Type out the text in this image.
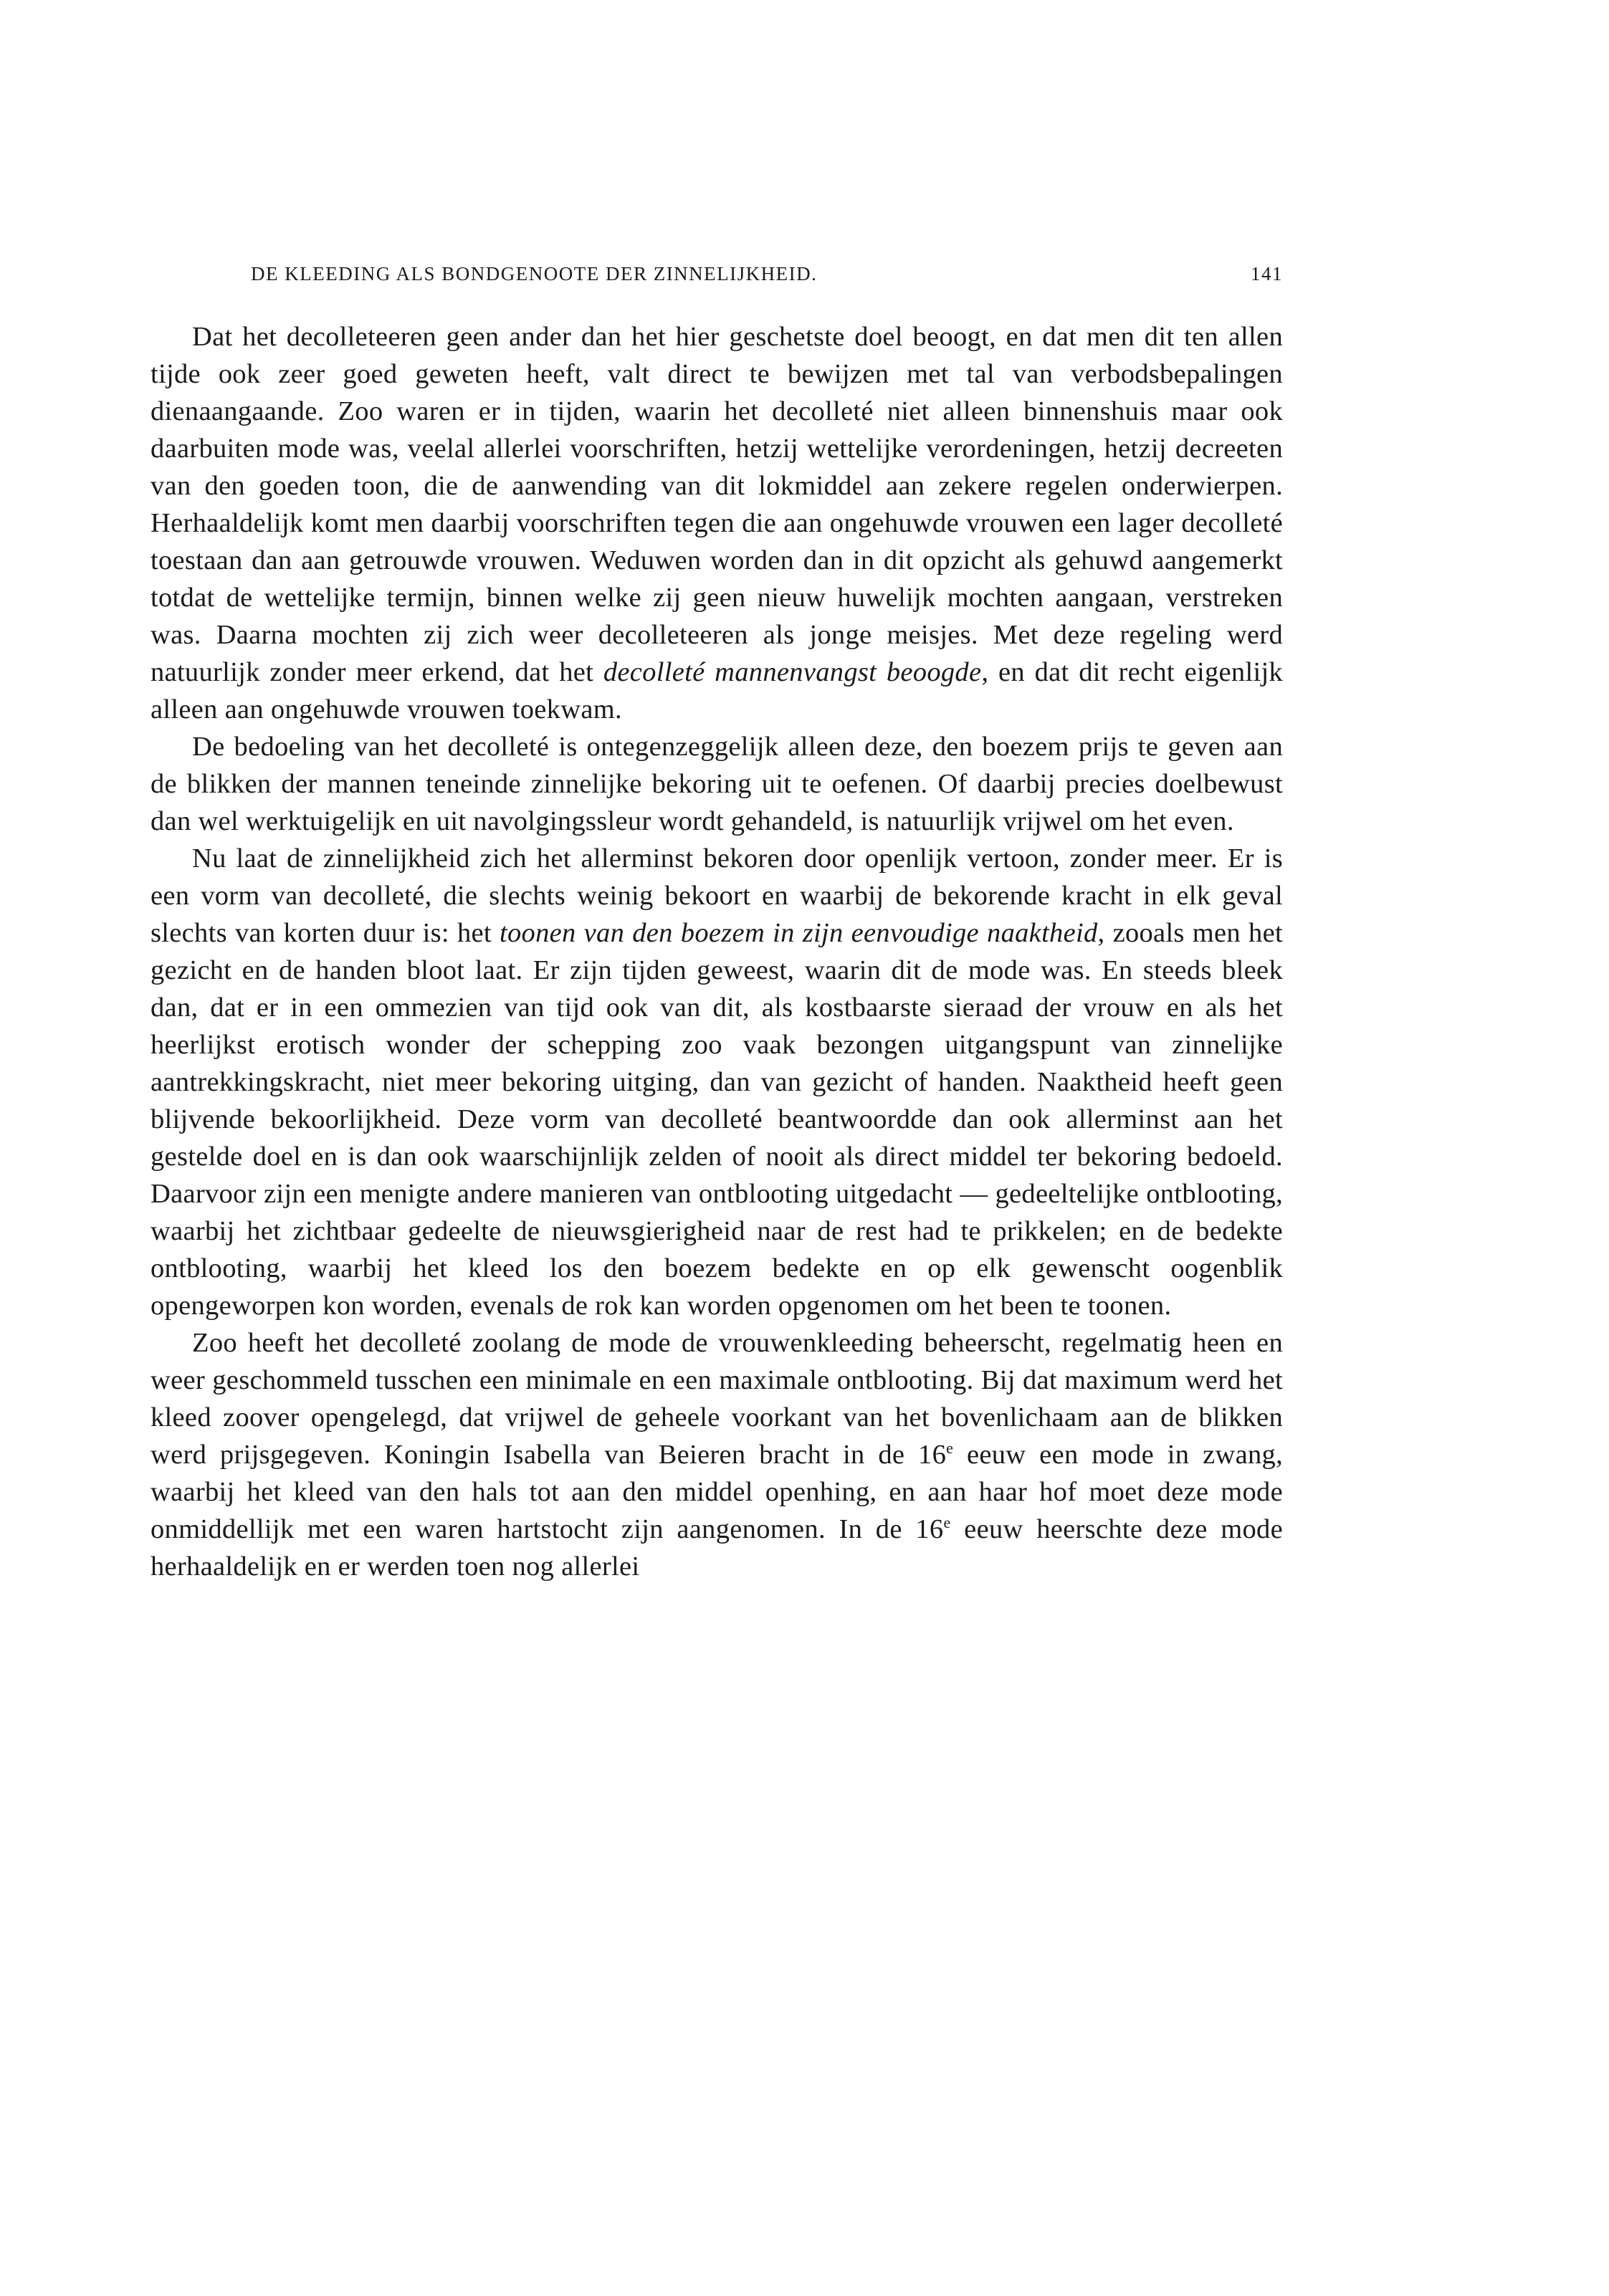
DE KLEEDING ALS BONDGENOOTE DER ZINNELIJKHEID.	141

Dat het decolleteeren geen ander dan het hier geschetste doel beoogt, en dat men dit ten allen tijde ook zeer goed geweten heeft, valt direct te bewijzen met tal van verbodsbepalingen dienaangaande. Zoo waren er in tijden, waarin het decolleté niet alleen binnenshuis maar ook daarbuiten mode was, veelal allerlei voorschriften, hetzij wettelijke verordeningen, hetzij decreeten van den goeden toon, die de aanwending van dit lokmiddel aan zekere regelen onderwierpen. Herhaaldelijk komt men daarbij voorschriften tegen die aan ongehuwde vrouwen een lager decolleté toestaan dan aan getrouwde vrouwen. Weduwen worden dan in dit opzicht als gehuwd aangemerkt totdat de wettelijke termijn, binnen welke zij geen nieuw huwelijk mochten aangaan, verstreken was. Daarna mochten zij zich weer decolleteeren als jonge meisjes. Met deze regeling werd natuurlijk zonder meer erkend, dat het decolleté mannenvangst beoogde, en dat dit recht eigenlijk alleen aan ongehuwde vrouwen toekwam.

De bedoeling van het decolleté is ontegenzeggelijk alleen deze, den boezem prijs te geven aan de blikken der mannen teneinde zinnelijke bekoring uit te oefenen. Of daarbij precies doelbewust dan wel werktuigelijk en uit navolgingssleur wordt gehandeld, is natuurlijk vrijwel om het even.

Nu laat de zinnelijkheid zich het allerminst bekoren door openlijk vertoon, zonder meer. Er is een vorm van decolleté, die slechts weinig bekoort en waarbij de bekorende kracht in elk geval slechts van korten duur is: het toonen van den boezem in zijn eenvoudige naaktheid, zooals men het gezicht en de handen bloot laat. Er zijn tijden geweest, waarin dit de mode was. En steeds bleek dan, dat er in een ommezien van tijd ook van dit, als kostbaarste sieraad der vrouw en als het heerlijkst erotisch wonder der schepping zoo vaak bezongen uitgangspunt van zinnelijke aantrekkingskracht, niet meer bekoring uitging, dan van gezicht of handen. Naaktheid heeft geen blijvende bekoorlijkheid. Deze vorm van decolleté beantwoordde dan ook allerminst aan het gestelde doel en is dan ook waarschijnlijk zelden of nooit als direct middel ter bekoring bedoeld. Daarvoor zijn een menigte andere manieren van ontblooting uitgedacht — gedeeltelijke ontblooting, waarbij het zichtbaar gedeelte de nieuwsgierigheid naar de rest had te prikkelen; en de bedekte ontblooting, waarbij het kleed los den boezem bedekte en op elk gewenscht oogenblik opengeworpen kon worden, evenals de rok kan worden opgenomen om het been te toonen.

Zoo heeft het decolleté zoolang de mode de vrouwenkleeding beheerscht, regelmatig heen en weer geschommeld tusschen een minimale en een maximale ontblooting. Bij dat maximum werd het kleed zoover opengelegd, dat vrijwel de geheele voorkant van het bovenlichaam aan de blikken werd prijsgegeven. Koningin Isabella van Beieren bracht in de 16e eeuw een mode in zwang, waarbij het kleed van den hals tot aan den middel openhing, en aan haar hof moet deze mode onmiddellijk met een waren hartstocht zijn aangenomen. In de 16e eeuw heerschte deze mode herhaaldelijk en er werden toen nog allerlei
